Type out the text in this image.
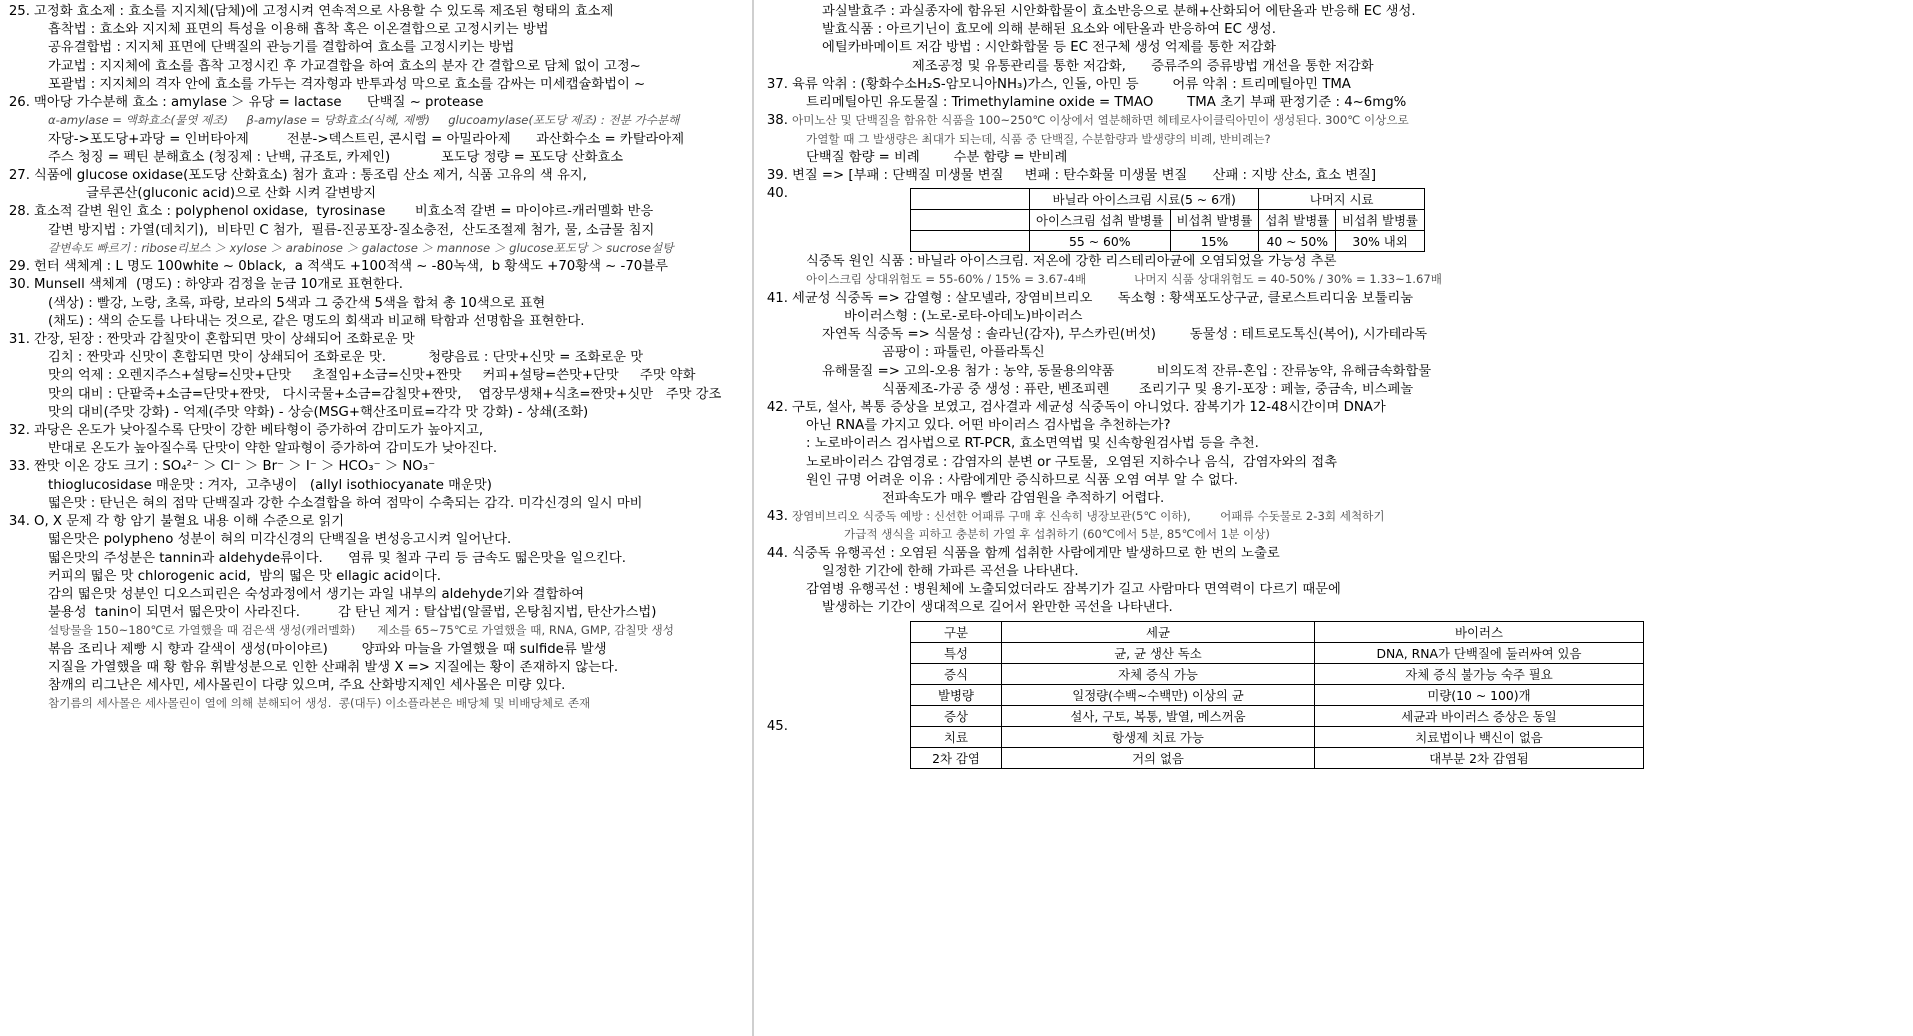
25. 고정화 효소제 : 효소를 지지체(담체)에 고정시켜 연속적으로 사용할 수 있도록 제조된 형태의 효소제
흡착법 : 효소와 지지체 표면의 특성을 이용해 흡착 혹은 이온결합으로 고정시키는 방법
공유결합법 : 지지체 표면에 단백질의 관능기를 결합하여 효소를 고정시키는 방법
가교법 : 지지체에 효소를 흡착 고정시킨 후 가교결합을 하여 효소의 분자 간 결합으로 담체 없이 고정~
포괄법 : 지지체의 격자 안에 효소를 가두는 격자형과 반투과성 막으로 효소를 감싸는 미세캡슐화법이 ~
26. 맥아당 가수분해 효소 : amylase ＞ 유당 = lactase      단백질 ~ protease
α-amylase = 액화효소(물엿 제조)     β-amylase = 당화효소(식혜, 제빵)     glucoamylase(포도당 제조) : 전분 가수분해
자당->포도당+과당 = 인버타아제         전분->덱스트린, 콘시럽 = 아밀라아제      과산화수소 = 카탈라아제
주스 청징 = 펙틴 분해효소 (청징제 : 난백, 규조토, 카제인)            포도당 정량 = 포도당 산화효소
27. 식품에 glucose oxidase(포도당 산화효소) 첨가 효과 : 통조림 산소 제거, 식품 고유의 색 유지,
글루콘산(gluconic acid)으로 산화 시켜 갈변방지
28. 효소적 갈변 원인 효소 : polyphenol oxidase,  tyrosinase       비효소적 갈변 = 마이야르-캐러멜화 반응
갈변 방지법 : 가열(데치기),  비타민 C 첨가,  필름-진공포장-질소충전,  산도조절제 첨가, 물, 소금물 침지
갈변속도 빠르기 : ribose리보스 ＞ xylose ＞ arabinose ＞ galactose ＞ mannose ＞ glucose포도당 ＞ sucrose설탕
29. 헌터 색체계 : L 명도 100white ~ 0black,  a 적색도 +100적색 ~ -80녹색,  b 황색도 +70황색 ~ -70블루
30. Munsell 색체계  (명도) : 하양과 검정을 눈금 10개로 표현한다.
(색상) : 빨강, 노랑, 초록, 파랑, 보라의 5색과 그 중간색 5색을 합쳐 총 10색으로 표현
(채도) : 색의 순도를 나타내는 것으로, 같은 명도의 회색과 비교해 탁함과 선명함을 표현한다.
31. 간장, 된장 : 짠맛과 감칠맛이 혼합되면 맛이 상쇄되어 조화로운 맛
김치 : 짠맛과 신맛이 혼합되면 맛이 상쇄되어 조화로운 맛.          청량음료 : 단맛+신맛 = 조화로운 맛
맛의 억제 : 오렌지주스+설탕=신맛+단맛     초절임+소금=신맛+짠맛     커피+설탕=쓴맛+단맛     주맛 약화
맛의 대비 : 단팥죽+소금=단맛+짠맛,   다시국물+소금=감칠맛+짠맛,    엽장무생채+식초=짠맛+싯만   주맛 강조
맛의 대비(주맛 강화) - 억제(주맛 약화) - 상승(MSG+핵산조미료=각각 맛 강화) - 상쇄(조화)
32. 과당은 온도가 낮아질수록 단맛이 강한 베타형이 증가하여 감미도가 높아지고,
반대로 온도가 높아질수록 단맛이 약한 알파형이 증가하여 감미도가 낮아진다.
33. 짠맛 이온 강도 크기 : SO₄²⁻ ＞ Cl⁻ ＞ Br⁻ ＞ I⁻ ＞ HCO₃⁻ ＞ NO₃⁻
thioglucosidase 매운맛 : 겨자,  고추냉이   (allyl isothiocyanate 매운맛)
떫은맛 : 탄닌은 혀의 점막 단백질과 강한 수소결합을 하여 점막이 수축되는 감각. 미각신경의 일시 마비
34. O, X 문제 각 항 암기 불혈요 내용 이해 수준으로 읽기
떫은맛은 polypheno 성분이 혀의 미각신경의 단백질을 변성응고시켜 일어난다.
떫은맛의 주성분은 tannin과 aldehyde류이다.      염류 및 철과 구리 등 금속도 떫은맛을 일으킨다.
커피의 떫은 맛 chlorogenic acid,  밤의 떫은 맛 ellagic acid이다.
감의 떫은맛 성분인 디오스피린은 숙성과정에서 생기는 과일 내부의 aldehyde기와 결합하여
불용성  tanin이 되면서 떫은맛이 사라진다.         감 탄닌 제거 : 탈삽법(알콜법, 온탕침지법, 탄산가스법)
설탕물을 150~180℃로 가열했을 때 검은색 생성(캐러멜화)      제소를 65~75℃로 가열했을 때, RNA, GMP, 감칠맛 생성
볶음 조리나 제빵 시 향과 갈색이 생성(마이야르)        양파와 마늘을 가열했을 때 sulfide류 발생
지질을 가열했을 때 황 함유 휘발성분으로 인한 산패취 발생 X => 지질에는 황이 존재하지 않는다.
참깨의 리그난은 세사민, 세사몰린이 다량 있으며, 주요 산화방지제인 세사몰은 미량 있다.
참기름의 세사몰은 세사몰린이 열에 의해 분해되어 생성.  콩(대두) 이소플라본은 배당체 및 비배당체로 존재
과실발효주 : 과실종자에 함유된 시안화합물이 효소반응으로 분해+산화되어 에탄올과 반응해 EC 생성.
발효식품 : 아르기닌이 효모에 의해 분해된 요소와 에탄올과 반응하여 EC 생성.
에틸카바메이트 저감 방법 : 시안화합물 등 EC 전구체 생성 억제를 통한 저감화
제조공정 및 유통관리를 통한 저감화,      증류주의 증류방법 개선을 통한 저감화
37. 육류 악취 : (황화수소H₂S-암모니아NH₃)가스, 인돌, 아민 등        어류 악취 : 트리메틸아민 TMA
트리메틸아민 유도물질 : Trimethylamine oxide = TMAO        TMA 초기 부패 판정기준 : 4~6mg%
38. 아미노산 및 단백질을 함유한 식품을 100~250℃ 이상에서 열분해하면 헤테로사이클릭아민이 생성된다. 300℃ 이상으로
가열할 때 그 발생량은 최대가 되는데, 식품 중 단백질, 수분함량과 발생량의 비례, 반비례는?
단백질 함량 = 비례        수분 함량 = 반비례
39. 변질 => [부패 : 단백질 미생물 변질     변패 : 탄수화물 미생물 변질      산패 : 지방 산소, 효소 변질]
40.
		바닐라 아이스크림 시료(5 ~ 6개)		나머지 시료	
	아이스크림 섭취 발병률	비섭취 발병률	섭취 발병률	비섭취 발병률
	55 ~ 60%	15%	40 ~ 50%	30% 내외
식중독 원인 식품 : 바닐라 아이스크림. 저온에 강한 리스테리아균에 오염되었을 가능성 추론
아이스크림 상대위험도 = 55-60% / 15% = 3.67-4배             나머지 식품 상대위험도 = 40-50% / 30% = 1.33~1.67배
41. 세균성 식중독 => 감열형 : 살모넬라, 장염비브리오      독소형 : 황색포도상구균, 클로스트리디움 보툴리눔
바이러스형 : (노로-로타-아데노)바이러스
자연독 식중독 => 식물성 : 솔라닌(감자), 무스카린(버섯)        동물성 : 테트로도톡신(복어), 시가테라독
곰팡이 : 파툴린, 아플라톡신
유해물질 => 고의-오용 첨가 : 농약, 동물용의약품          비의도적 잔류-혼입 : 잔류농약, 유해금속화합물
식품제조-가공 중 생성 : 퓨란, 벤조피렌       조리기구 및 용기-포장 : 페놀, 중금속, 비스페놀
42. 구토, 설사, 복통 증상을 보였고, 검사결과 세균성 식중독이 아니었다. 잠복기가 12-48시간이며 DNA가
아닌 RNA를 가지고 있다. 어떤 바이러스 검사법을 추천하는가?
: 노로바이러스 검사법으로 RT-PCR, 효소면역법 및 신속항원검사법 등을 추천.
노로바이러스 감염경로 : 감염자의 분변 or 구토물,  오염된 지하수나 음식,  감염자와의 접촉
원인 규명 어려운 이유 : 사람에게만 증식하므로 식품 오염 여부 알 수 없다.
전파속도가 매우 빨라 감염원을 추적하기 어렵다.
43. 장염비브리오 식중독 예방 : 신선한 어패류 구매 후 신속히 냉장보관(5℃ 이하),        어패류 수돗물로 2-3회 세척하기
가급적 생식을 피하고 충분히 가열 후 섭취하기 (60℃에서 5분, 85℃에서 1분 이상)
44. 식중독 유행곡선 : 오염된 식품을 함께 섭취한 사람에게만 발생하므로 한 번의 노출로
일정한 기간에 한해 가파른 곡선을 나타낸다.
감염병 유행곡선 : 병원체에 노출되었더라도 잠복기가 길고 사람마다 면역력이 다르기 때문에
발생하는 기간이 생대적으로 길어서 완만한 곡선을 나타낸다.
45.
구분	세균	바이러스
특성	균, 균 생산 독소	DNA, RNA가 단백질에 둘러싸여 있음
증식	자체 증식 가능	자체 증식 불가능 숙주 필요
발병량	일정량(수백~수백만) 이상의 균	미량(10 ~ 100)개
증상	설사, 구토, 복통, 발열, 메스꺼움	세균과 바이러스 증상은 동일
치료	항생제 치료 가능	치료법이나 백신이 없음
2차 감염	거의 없음	대부분 2차 감염됨
